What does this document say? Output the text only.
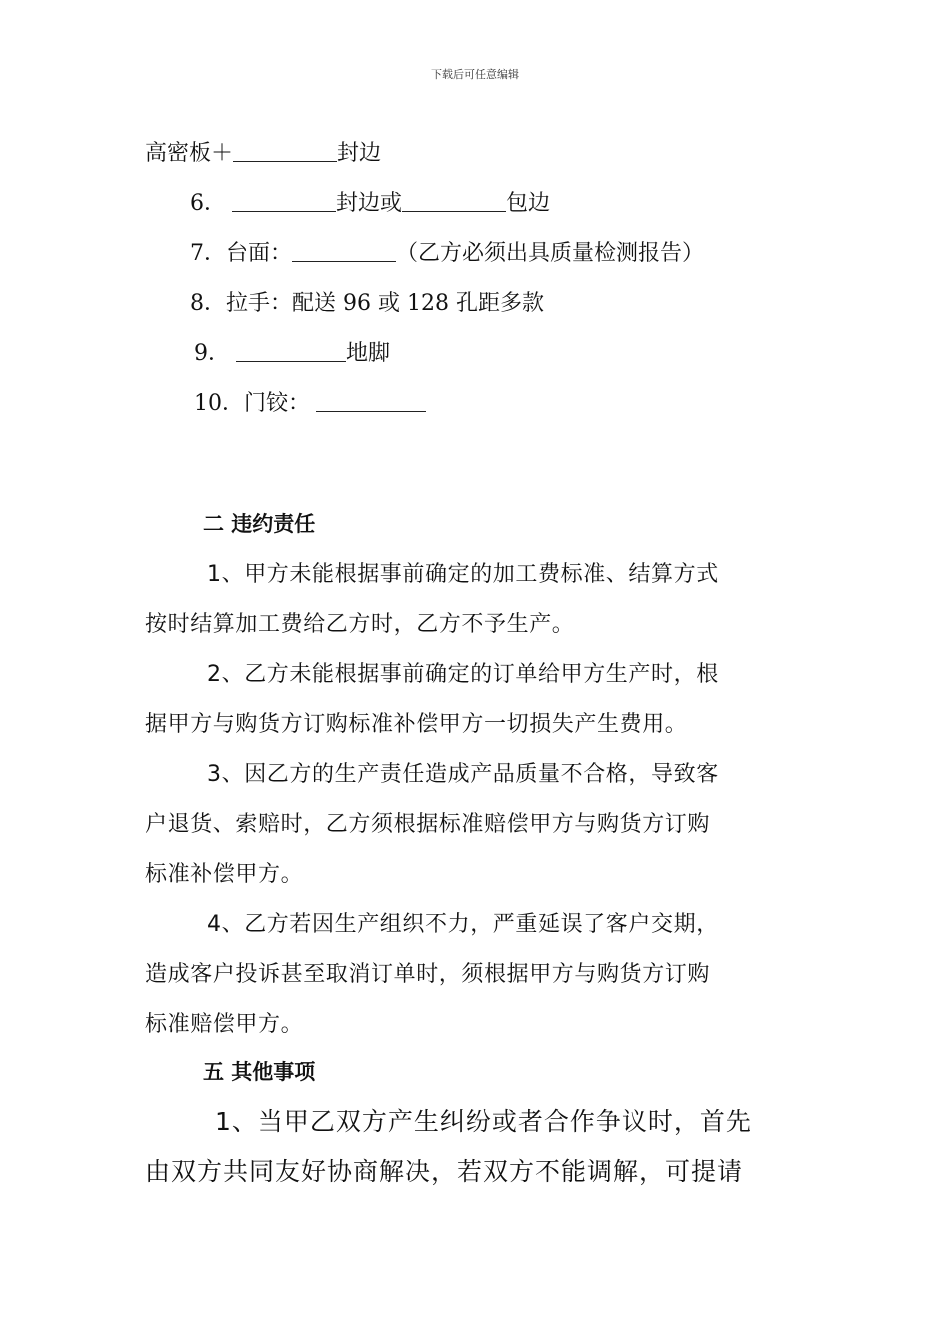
下载后可任意编辑
高密板＋	封边
6．	封边或	包边
7．台面：	（乙方必须出具质量检测报告）
8．拉手：配送 96 或 128 孔距多款
9．	地脚
10．门铰：
二 违约责任
1、甲方未能根据事前确定的加工费标准、结算方式
按时结算加工费给乙方时，乙方不予生产。
2、乙方未能根据事前确定的订单给甲方生产时，根
据甲方与购货方订购标准补偿甲方一切损失产生费用。
3、因乙方的生产责任造成产品质量不合格，导致客
户退货、索赔时，乙方须根据标准赔偿甲方与购货方订购
标准补偿甲方。
4、乙方若因生产组织不力，严重延误了客户交期，
造成客户投诉甚至取消订单时，须根据甲方与购货方订购
标准赔偿甲方。
五 其他事项
1、当甲乙双方产生纠纷或者合作争议时，首先
由双方共同友好协商解决，若双方不能调解，可提请
